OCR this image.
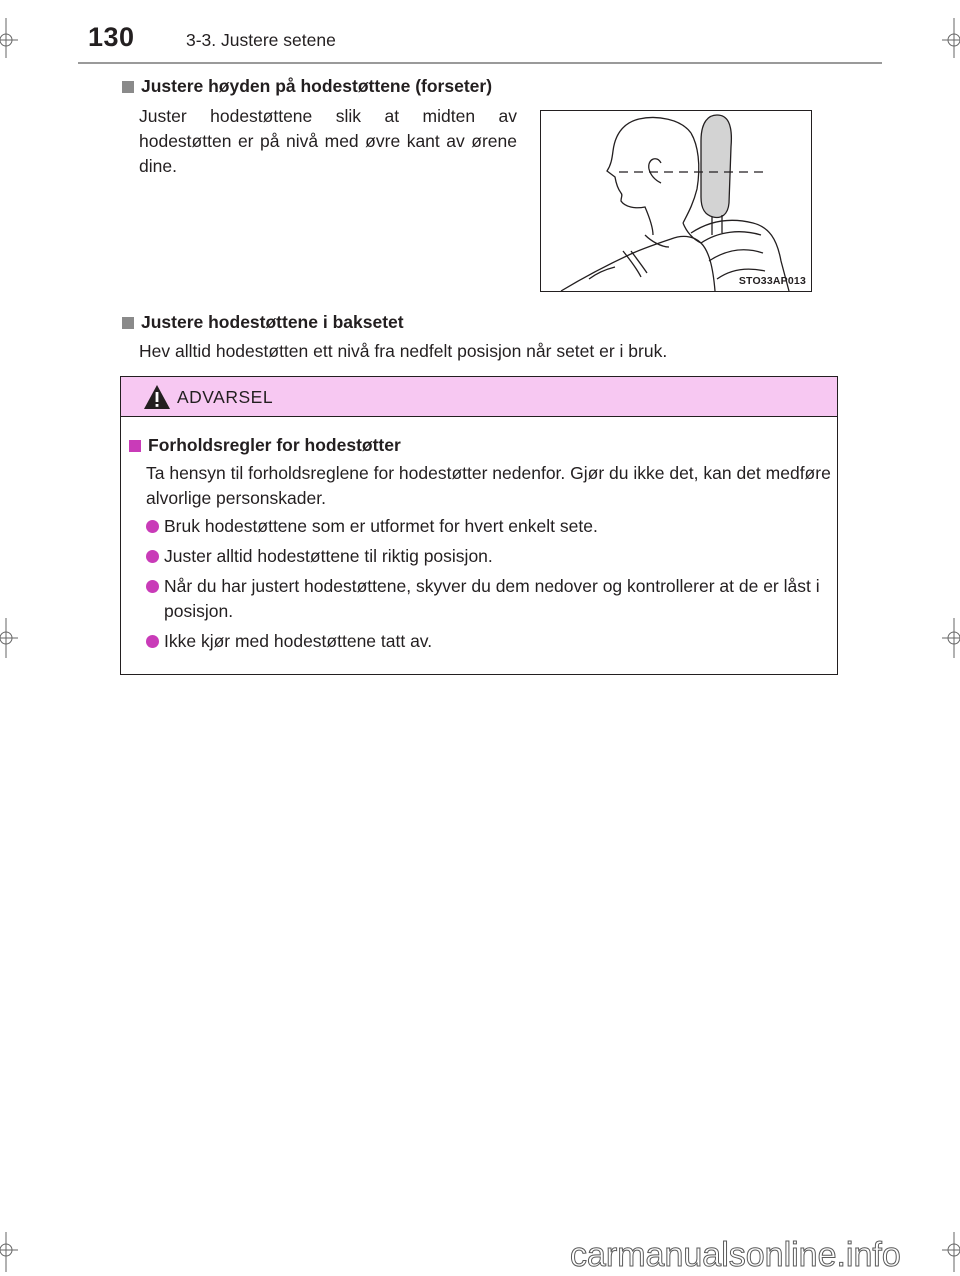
130	3-3. Justere setene
Justere høyden på hodestøttene (forseter)
Juster hodestøttene slik at midten av hodestøtten er på nivå med øvre kant av ørene dine.
STO33AP013
Justere hodestøttene i baksetet
Hev alltid hodestøtten ett nivå fra nedfelt posisjon når setet er i bruk.
ADVARSEL
Forholdsregler for hodestøtter
Ta hensyn til forholdsreglene for hodestøtter nedenfor. Gjør du ikke det, kan det medføre alvorlige personskader.
Bruk hodestøttene som er utformet for hvert enkelt sete.
Juster alltid hodestøttene til riktig posisjon.
Når du har justert hodestøttene, skyver du dem nedover og kontrollerer at de er låst i posisjon.
Ikke kjør med hodestøttene tatt av.
carmanualsonline.info
